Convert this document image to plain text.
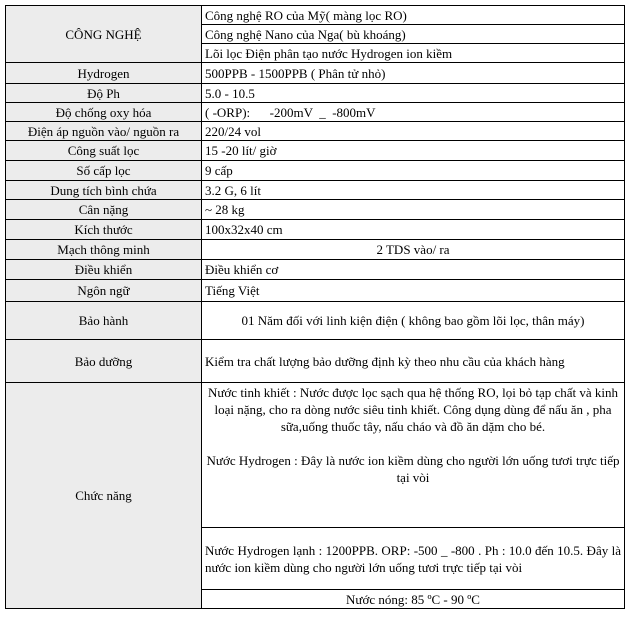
CÔNG NGHỆ	Công nghệ RO của Mỹ( màng lọc RO)
	Công nghệ Nano của Nga( bù khoáng)
	Lõi lọc Điện phân tạo nước Hydrogen ion kiềm
Hydrogen	500PPB - 1500PPB ( Phân tử nhỏ)
Độ Ph	5.0 - 10.5
Độ chống oxy hóa	( -ORP):      -200mV  _  -800mV
Điện áp nguồn vào/ nguồn ra	220/24 vol
Công suất lọc	15 -20 lít/ giờ
Số cấp lọc	9 cấp
Dung tích bình chứa	3.2 G, 6 lít
Cân nặng	~ 28 kg
Kích thước	100x32x40 cm
Mạch thông minh	2 TDS vào/ ra
Điều khiển	Điều khiển cơ
Ngôn ngữ	Tiếng Việt
Bảo hành	01 Năm đối với linh kiện điện ( không bao gồm lõi lọc, thân máy)
Bảo dưỡng	Kiểm tra chất lượng bảo dưỡng định kỳ theo nhu cầu của khách hàng
Chức năng	Nước tinh khiết : Nước được lọc sạch qua hệ thống RO, lọi bỏ tạp chất và kinh loại nặng, cho ra dòng nước siêu tinh khiết. Công dụng dùng để nấu ăn , pha sữa,uống thuốc tây, nấu cháo và đồ ăn dặm cho bé.
Nước Hydrogen : Đây là nước ion kiềm dùng cho người lớn uống tươi trực tiếp tại vòi
	Nước Hydrogen lạnh : 1200PPB. ORP: -500 _ -800 . Ph : 10.0 đến 10.5. Đây là nước ion kiềm dùng cho người lớn uống tươi trực tiếp tại vòi
	Nước nóng: 85 ºC - 90 ºC
